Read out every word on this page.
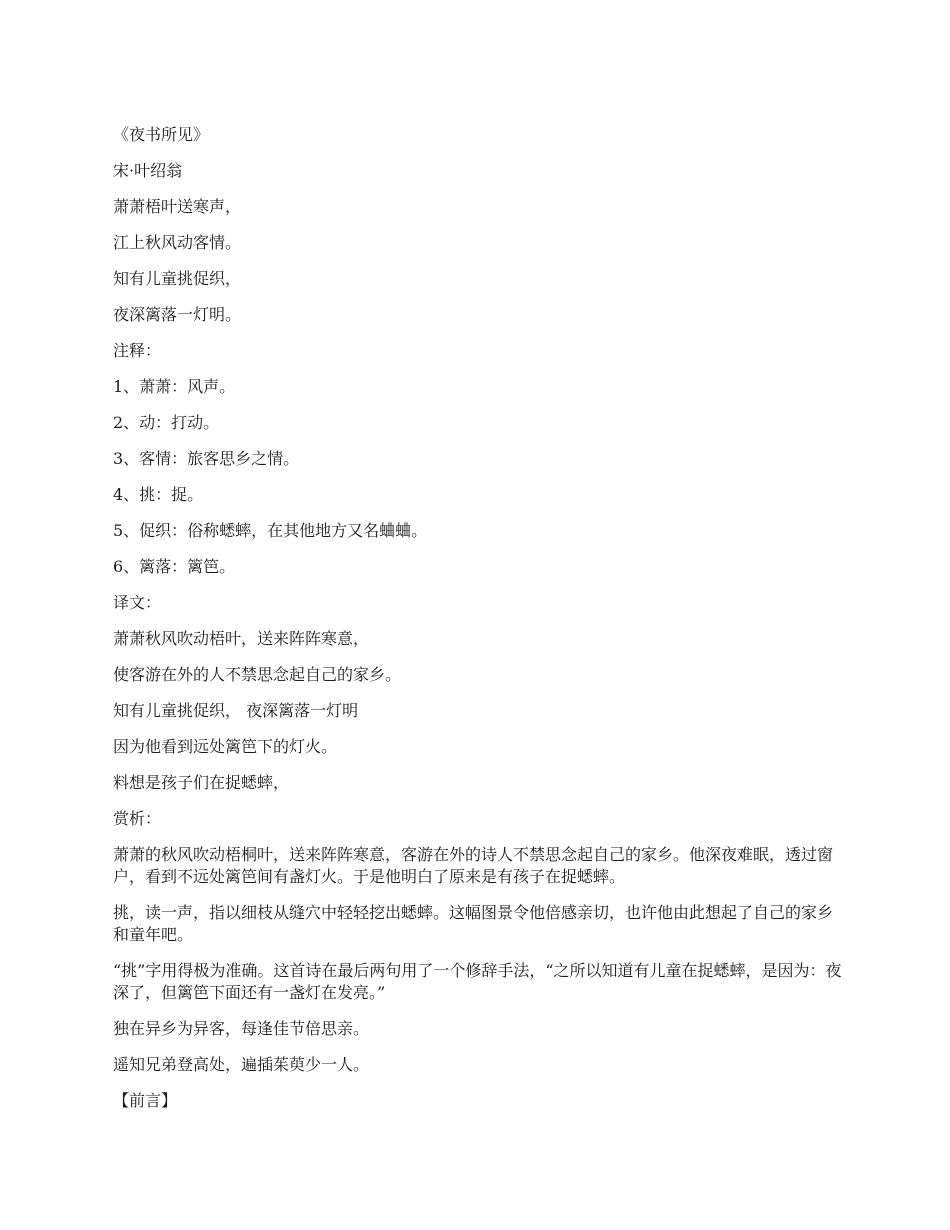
《夜书所见》
宋·叶绍翁
萧萧梧叶送寒声，
江上秋风动客情。
知有儿童挑促织，
夜深篱落一灯明。
注释：
1、萧萧：风声。
2、动：打动。
3、客情：旅客思乡之情。
4、挑：捉。
5、促织：俗称蟋蟀，在其他地方又名蛐蛐。
6、篱落：篱笆。
译文：
萧萧秋风吹动梧叶，送来阵阵寒意，
使客游在外的人不禁思念起自己的家乡。
知有儿童挑促织， 夜深篱落一灯明
因为他看到远处篱笆下的灯火。
料想是孩子们在捉蟋蟀，
赏析：
萧萧的秋风吹动梧桐叶，送来阵阵寒意，客游在外的诗人不禁思念起自己的家乡。他深夜难眠，透过窗户，看到不远处篱笆间有盏灯火。于是他明白了原来是有孩子在捉蟋蟀。
挑，读一声，指以细枝从缝穴中轻轻挖出蟋蟀。这幅图景令他倍感亲切，也许他由此想起了自己的家乡和童年吧。
“挑”字用得极为准确。这首诗在最后两句用了一个修辞手法，“之所以知道有儿童在捉蟋蟀，是因为：夜深了，但篱笆下面还有一盏灯在发亮。”
独在异乡为异客，每逢佳节倍思亲。
遥知兄弟登高处，遍插茱萸少一人。
【前言】
